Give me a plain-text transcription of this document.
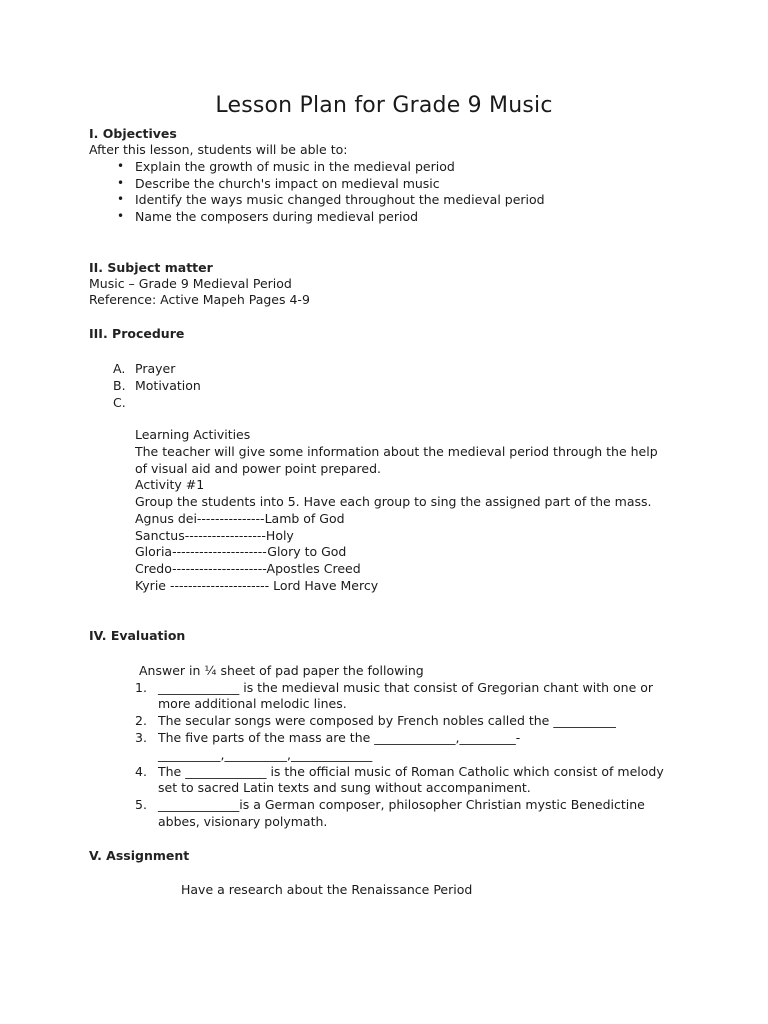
Lesson Plan for Grade 9 Music
I. Objectives
After this lesson, students will be able to:
• Explain the growth of music in the medieval period
• Describe the church's impact on medieval music
• Identify the ways music changed throughout the medieval period
• Name the composers during medieval period
II. Subject matter
Music – Grade 9 Medieval Period
Reference: Active Mapeh Pages 4-9
III. Procedure
A. Prayer
B. Motivation
C.
Learning Activities
The teacher will give some information about the medieval period through the help
of visual aid and power point prepared.
Activity #1
Group the students into 5. Have each group to sing the assigned part of the mass.
Agnus dei---------------Lamb of God
Sanctus------------------Holy
Gloria---------------------Glory to God
Credo---------------------Apostles Creed
Kyrie ---------------------- Lord Have Mercy
IV. Evaluation
Answer in ¼ sheet of pad paper the following
1. _____________ is the medieval music that consist of Gregorian chant with one or
more additional melodic lines.
2. The secular songs were composed by French nobles called the __________
3. The five parts of the mass are the _____________,_________-
__________,__________,_____________
4. The _____________ is the official music of Roman Catholic which consist of melody
set to sacred Latin texts and sung without accompaniment.
5. _____________is a German composer, philosopher Christian mystic Benedictine
abbes, visionary polymath.
V. Assignment
Have a research about the Renaissance Period
